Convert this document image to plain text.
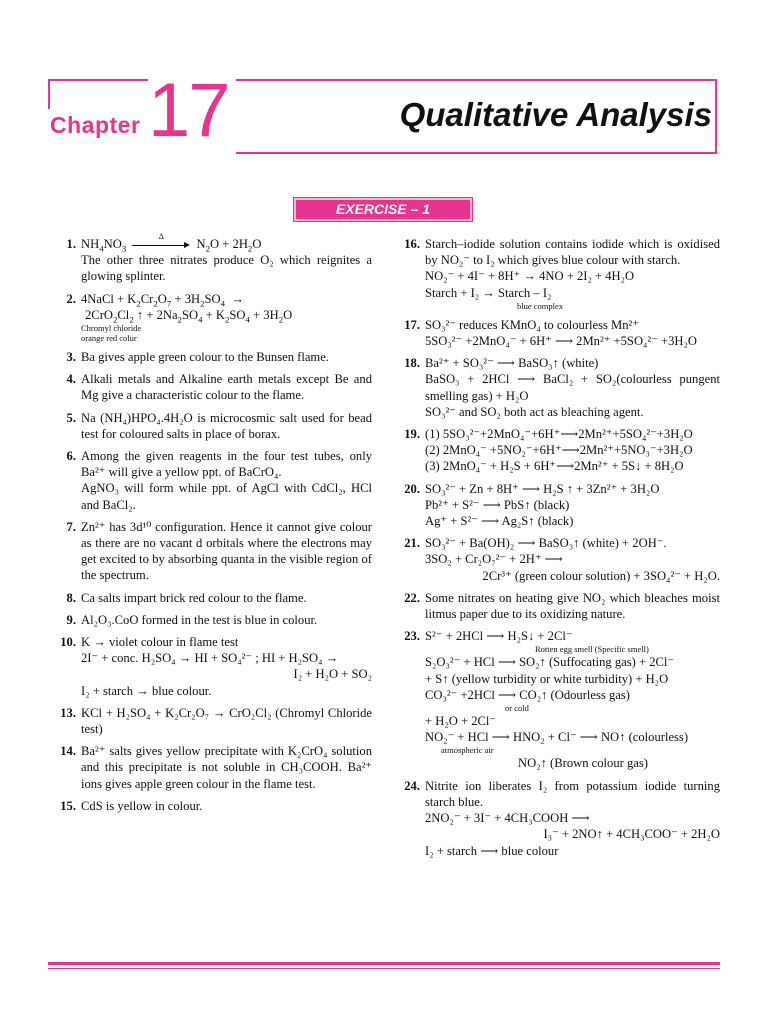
Chapter 17	Qualitative Analysis
EXERCISE – 1
1. $NH_4NO_3$
Δ
$N_2O + 2H_2O$
The other three nitrates produce O₂ which reignites a glowing splinter.
2. 4NaCl + $K_2Cr_2O_7 + 3H_2SO_4$  →
$2CrO_2Cl_2$ ↑ + $2Na_2SO_4 + K_2SO_4 + 3H_2O$
Chromyl chloride
orange red colur
3. Ba gives apple green colour to the Bunsen flame.
4. Alkali metals and Alkaline earth metals except Be and Mg give a characteristic colour to the flame.
5. Na (NH₄)HPO₄.4H₂O is microcosmic salt used for bead test for coloured salts in place of borax.
6. Among the given reagents in the four test tubes, only Ba²⁺ will give a yellow ppt. of BaCrO₄.
AgNO₃ will form while ppt. of AgCl with CdCl₂, HCl and BaCl₂.
7. Zn²⁺ has 3d¹⁰ configuration. Hence it cannot give colour as there are no vacant d orbitals where the electrons may get excited to by absorbing quanta in the visible region of the spectrum.
8. Ca salts impart brick red colour to the flame.
9. Al₂O₃.CoO formed in the test is blue in colour.
10. K → violet colour in flame test
2I⁻ + conc. H₂SO₄ → HI + SO₄²⁻ ; HI + H₂SO₄ →
I₂ + H₂O + SO₂
I₂ + starch → blue colour.
13. KCl + H₂SO₄ + K₂Cr₂O₇ → CrO₂Cl₂ (Chromyl Chloride test)
14. Ba²⁺ salts gives yellow precipitate with K₂CrO₄ solution and this precipitate is not soluble in CH₃COOH. Ba²⁺ ions gives apple green colour in the flame test.
15. CdS is yellow in colour.
16. Starch–iodide solution contains iodide which is oxidised by NO₂⁻ to I₂ which gives blue colour with starch.
NO₂⁻ + 4I⁻ + 8H⁺ → 4NO + 2I₂ + 4H₂O
Starch + I₂ → Starch – I₂
blue complex
17. SO₃²⁻ reduces KMnO₄ to colourless Mn²⁺
5SO₃²⁻ +2MnO₄⁻ + 6H⁺ ⟶ 2Mn²⁺ +5SO₄²⁻ +3H₂O
18. Ba²⁺ + SO₃²⁻ ⟶ BaSO₃↑ (white)
BaSO₃ + 2HCl ⟶ BaCl₂ + SO₂(colourless pungent smelling gas) + H₂O
SO₃²⁻ and SO₂ both act as bleaching agent.
19. (1) 5SO₃²⁻+2MnO₄⁻+6H⁺⟶2Mn²⁺+5SO₄²⁻+3H₂O
(2) 2MnO₄⁻ +5NO₂⁻+6H⁺⟶2Mn²⁺+5NO₃⁻+3H₂O
(3) 2MnO₄⁻ + H₂S + 6H⁺⟶2Mn²⁺ + 5S↓ + 8H₂O
20. SO₃²⁻ + Zn + 8H⁺ ⟶ H₂S ↑ + 3Zn²⁺ + 3H₂O
Pb²⁺ + S²⁻ ⟶ PbS↑ (black)
Ag⁺ + S²⁻ ⟶ Ag₂S↑ (black)
21. SO₃²⁻ + Ba(OH)₂ ⟶ BaSO₃↑ (white) + 2OH⁻.
3SO₂ + Cr₂O₇²⁻ + 2H⁺ ⟶
2Cr³⁺ (green colour solution) + 3SO₄²⁻ + H₂O.
22. Some nitrates on heating give NO₂ which bleaches moist litmus paper due to its oxidizing nature.
23. S²⁻ + 2HCl ⟶ H₂S↓ + 2Cl⁻
Rotten egg smell (Specific smell)
S₂O₃²⁻ + HCl ⟶ SO₂↑ (Suffocating gas) + 2Cl⁻
+ S↑ (yellow turbidity or white turbidity) + H₂O
CO₃²⁻ +2HCl ⟶ CO₂↑ (Odourless gas)
or cold
+ H₂O + 2Cl⁻
NO₂⁻ + HCl ⟶ HNO₂ + Cl⁻ ⟶ NO↑ (colourless)
atmospheric air
NO₂↑ (Brown colour gas)
24. Nitrite ion liberates I₂ from potassium iodide turning starch blue.
2NO₂⁻ + 3I⁻ + 4CH₃COOH ⟶
I₃⁻ + 2NO↑ + 4CH₃COO⁻ + 2H₂O
I₂ + starch ⟶ blue colour
